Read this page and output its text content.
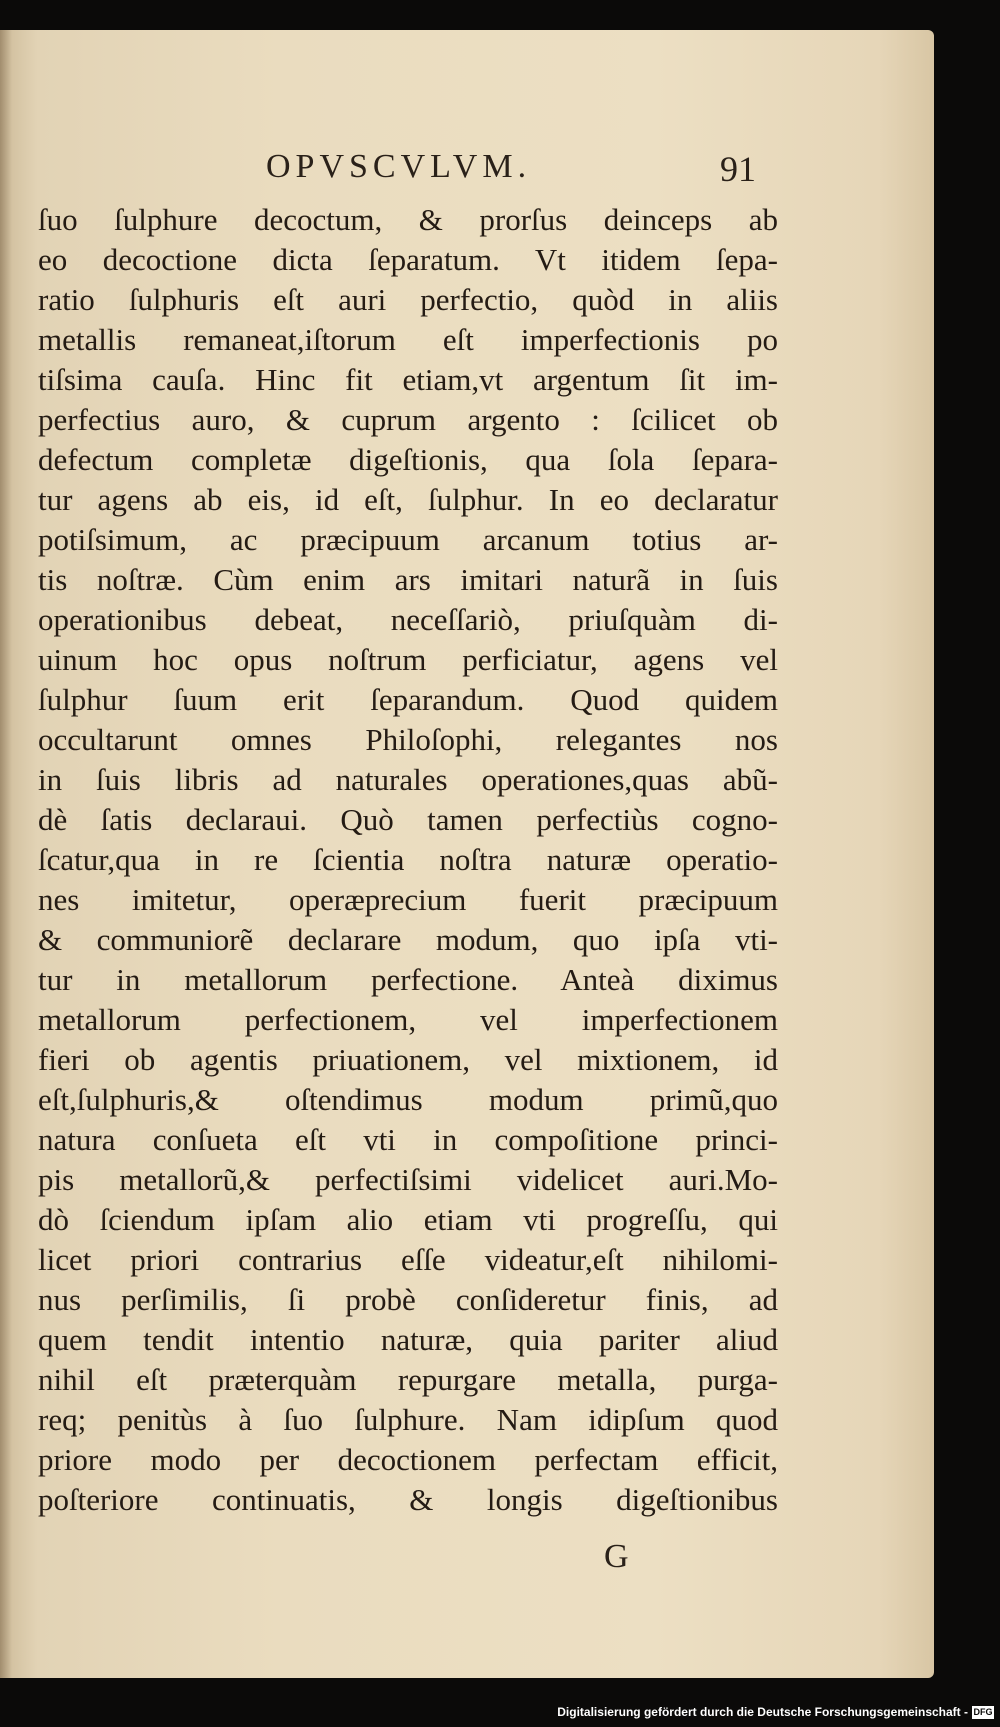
OPVSCVLVM.	91
ſuo ſulphure decoctum, & prorſus deinceps ab
eo decoctione dicta ſeparatum. Vt itidem ſepa-
ratio ſulphuris eſt auri perfectio, quòd in aliis
metallis remaneat,iſtorum eſt imperfectionis po
tiſsima cauſa. Hinc fit etiam,vt argentum ſit im-
perfectius auro, & cuprum argento : ſcilicet ob
defectum completæ digeſtionis, qua ſola ſepara-
tur agens ab eis, id eſt, ſulphur. In eo declaratur
potiſsimum, ac præcipuum arcanum totius ar-
tis noſtræ. Cùm enim ars imitari naturã in ſuis
operationibus debeat, neceſſariò, priuſquàm di-
uinum hoc opus noſtrum perficiatur, agens vel
ſulphur ſuum erit ſeparandum. Quod quidem
occultarunt omnes Philoſophi, relegantes nos
in ſuis libris ad naturales operationes,quas abũ-
dè ſatis declaraui. Quò tamen perfectiùs cogno-
ſcatur,qua in re ſcientia noſtra naturæ operatio-
nes imitetur, operæprecium fuerit præcipuum
& communiorẽ declarare modum, quo ipſa vti-
tur in metallorum perfectione. Anteà diximus
metallorum perfectionem, vel imperfectionem
fieri ob agentis priuationem, vel mixtionem, id
eſt,ſulphuris,& oſtendimus modum primũ,quo
natura conſueta eſt vti in compoſitione princi-
pis metallorũ,& perfectiſsimi videlicet auri.Mo-
dò ſciendum ipſam alio etiam vti progreſſu, qui
licet priori contrarius eſſe videatur,eſt nihilomi-
nus perſimilis, ſi probè conſideretur finis, ad
quem tendit intentio naturæ, quia pariter aliud
nihil eſt præterquàm repurgare metalla, purga-
req; penitùs à ſuo ſulphure. Nam idipſum quod
priore modo per decoctionem perfectam efficit,
poſteriore continuatis, & longis digeſtionibus
G
Digitalisierung gefördert durch die Deutsche Forschungsgemeinschaft - DFG
